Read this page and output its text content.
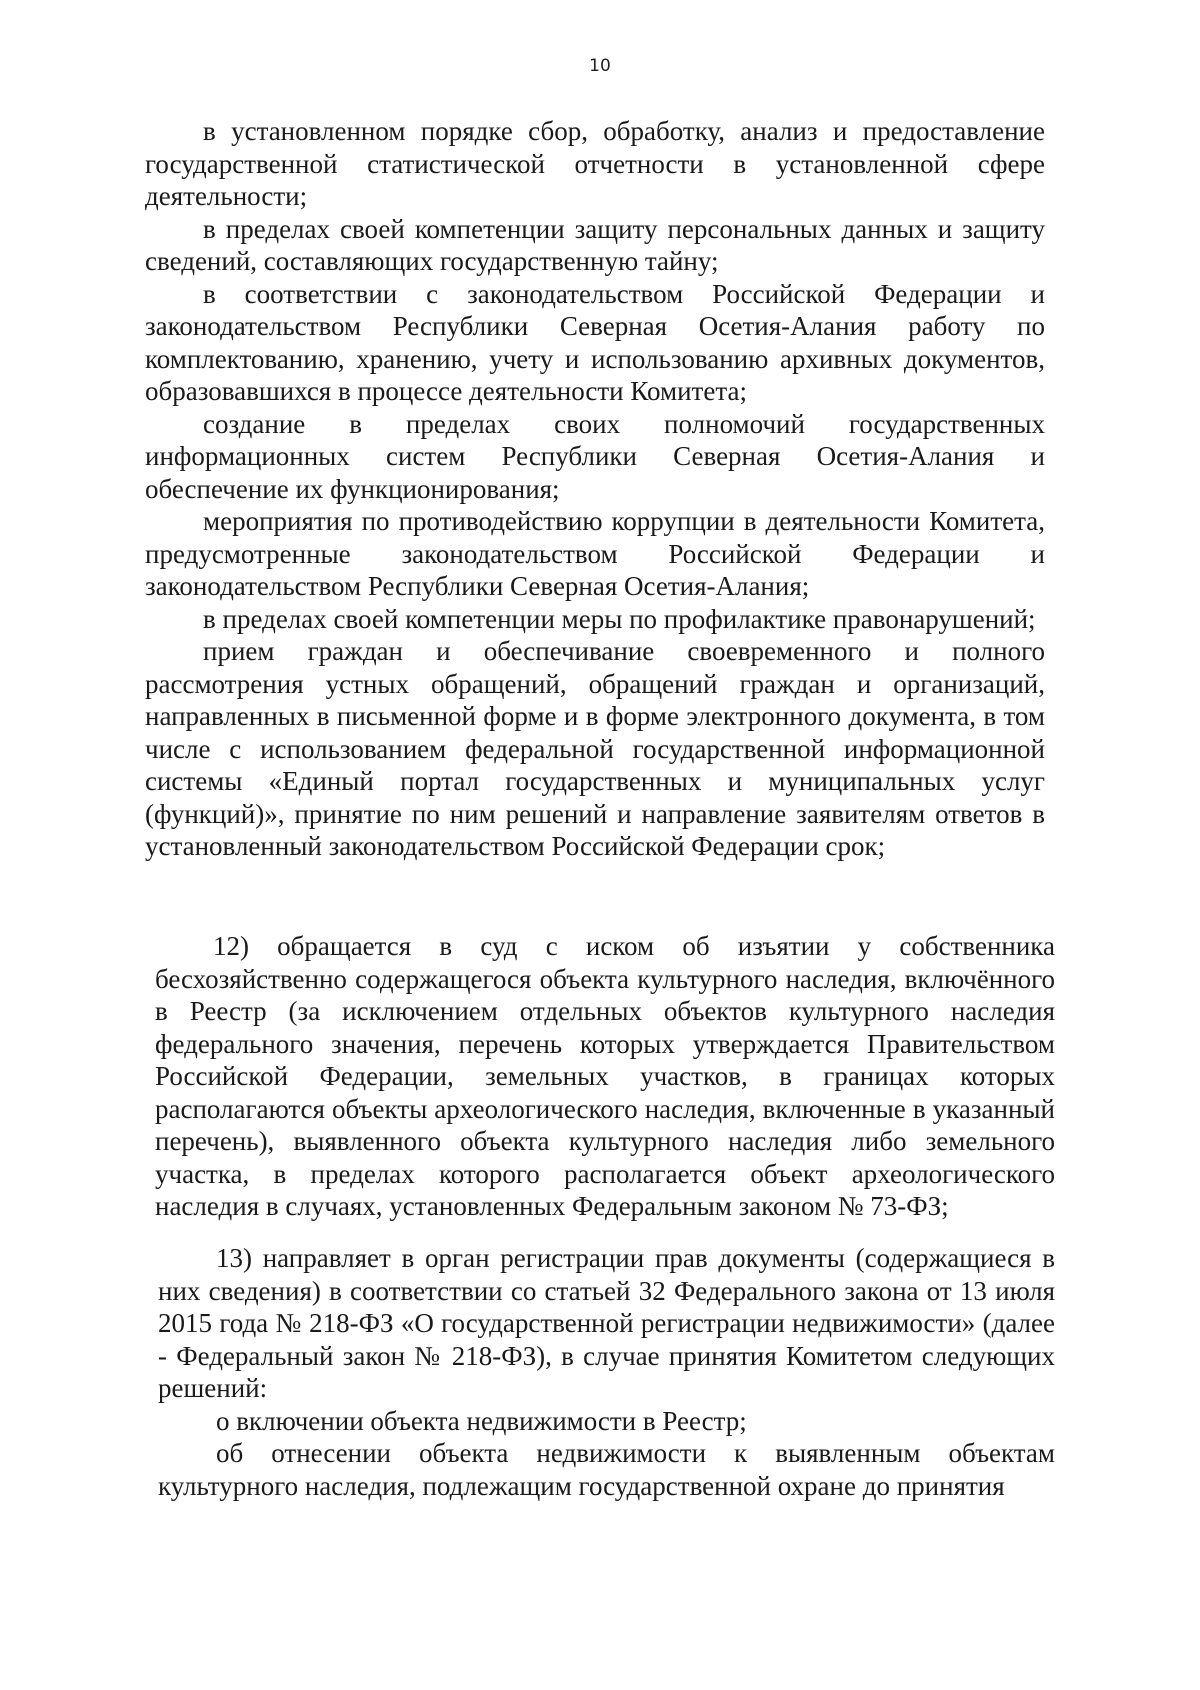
10

в установленном порядке сбор, обработку, анализ и предоставление государственной статистической отчетности в установленной сфере деятельности;

в пределах своей компетенции защиту персональных данных и защиту сведений, составляющих государственную тайну;

в соответствии с законодательством Российской Федерации и законодательством Республики Северная Осетия-Алания работу по комплектованию, хранению, учету и использованию архивных документов, образовавшихся в процессе деятельности Комитета;

создание в пределах своих полномочий государственных информационных систем Республики Северная Осетия-Алания и обеспечение их функционирования;

мероприятия по противодействию коррупции в деятельности Комитета, предусмотренные законодательством Российской Федерации и законодательством Республики Северная Осетия-Алания;

в пределах своей компетенции меры по профилактике правонарушений;

прием граждан и обеспечивание своевременного и полного рассмотрения устных обращений, обращений граждан и организаций, направленных в письменной форме и в форме электронного документа, в том числе с использованием федеральной государственной информационной системы «Единый портал государственных и муниципальных услуг (функций)», принятие по ним решений и направление заявителям ответов в установленный законодательством Российской Федерации срок;

12) обращается в суд с иском об изъятии у собственника бесхозяйственно содержащегося объекта культурного наследия, включённого в Реестр (за исключением отдельных объектов культурного наследия федерального значения, перечень которых утверждается Правительством Российской Федерации, земельных участков, в границах которых располагаются объекты археологического наследия, включенные в указанный перечень), выявленного объекта культурного наследия либо земельного участка, в пределах которого располагается объект археологического наследия в случаях, установленных Федеральным законом № 73-ФЗ;

13) направляет в орган регистрации прав документы (содержащиеся в них сведения) в соответствии со статьей 32 Федерального закона от 13 июля 2015 года № 218-ФЗ «О государственной регистрации недвижимости» (далее - Федеральный закон № 218-ФЗ), в случае принятия Комитетом следующих решений:

о включении объекта недвижимости в Реестр;

об отнесении объекта недвижимости к выявленным объектам культурного наследия, подлежащим государственной охране до принятия
